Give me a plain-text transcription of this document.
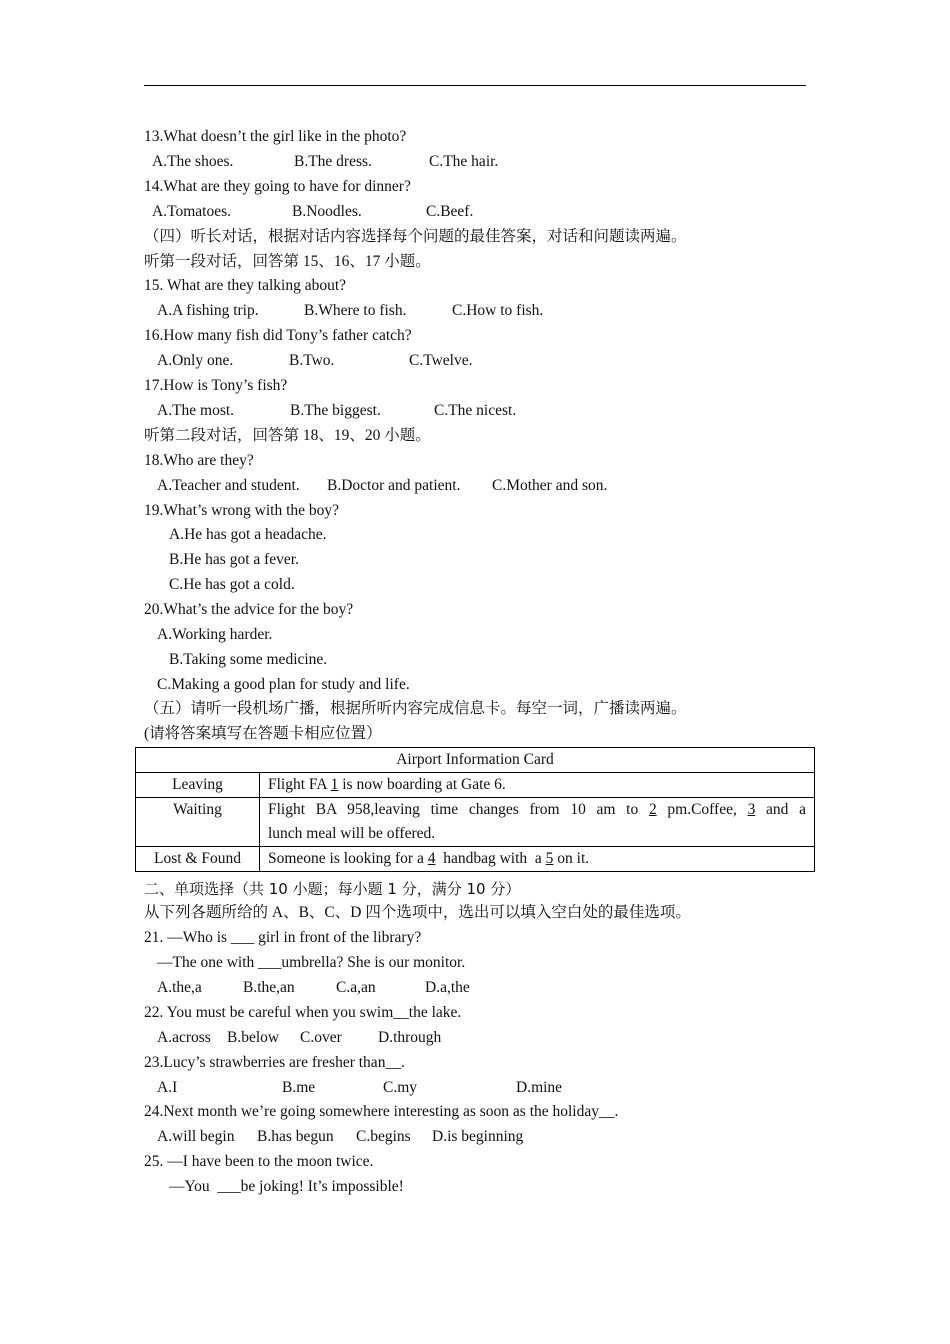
13.What doesn’t the girl like in the photo?
A.The shoes.	B.The dress.	C.The hair.
14.What are they going to have for dinner?
A.Tomatoes.	B.Noodles.	C.Beef.
（四）听长对话，根据对话内容选择每个问题的最佳答案，对话和问题读两遍。
听第一段对话，回答第 15、16、17 小题。
15. What are they talking about?
A.A fishing trip.	B.Where to fish.	C.How to fish.
16.How many fish did Tony’s father catch?
A.Only one.	B.Two.	C.Twelve.
17.How is Tony’s fish?
A.The most.	B.The biggest.	C.The nicest.
听第二段对话，回答第 18、19、20 小题。
18.Who are they?
A.Teacher and student. B.Doctor and patient. C.Mother and son.
19.What’s wrong with the boy?
A.He has got a headache.
B.He has got a fever.
C.He has got a cold.
20.What’s the advice for the boy?
A.Working harder.
B.Taking some medicine.
C.Making a good plan for study and life.
（五）请听一段机场广播，根据所听内容完成信息卡。每空一词，广播读两遍。
(请将答案填写在答题卡相应位置）
Airport Information Card	

Leaving	Flight FA 1 is now boarding at Gate 6.

Waiting	Flight BA 958,leaving time changes from 10 am to 2 pm.Coffee, 3 and a
lunch meal will be offered.

Lost & Found	Someone is looking for a 4  handbag with  a 5 on it.
二、单项选择（共 10 小题；每小题 1 分，满分 10 分）
从下列各题所给的 A、B、C、D 四个选项中，选出可以填入空白处的最佳选项。
21. —Who is ___ girl in front of the library?
—The one with ___umbrella? She is our monitor.
A.the,a	B.the,an	C.a,an	D.a,the
22. You must be careful when you swim__the lake.
A.across B.below C.over D.through
23.Lucy’s strawberries are fresher than__.
A.I	B.me	C.my	D.mine
24.Next month we’re going somewhere interesting as soon as the holiday__.
A.will begin B.has begun C.begins D.is beginning
25. —I have been to the moon twice.
—You  ___be joking! It’s impossible!
